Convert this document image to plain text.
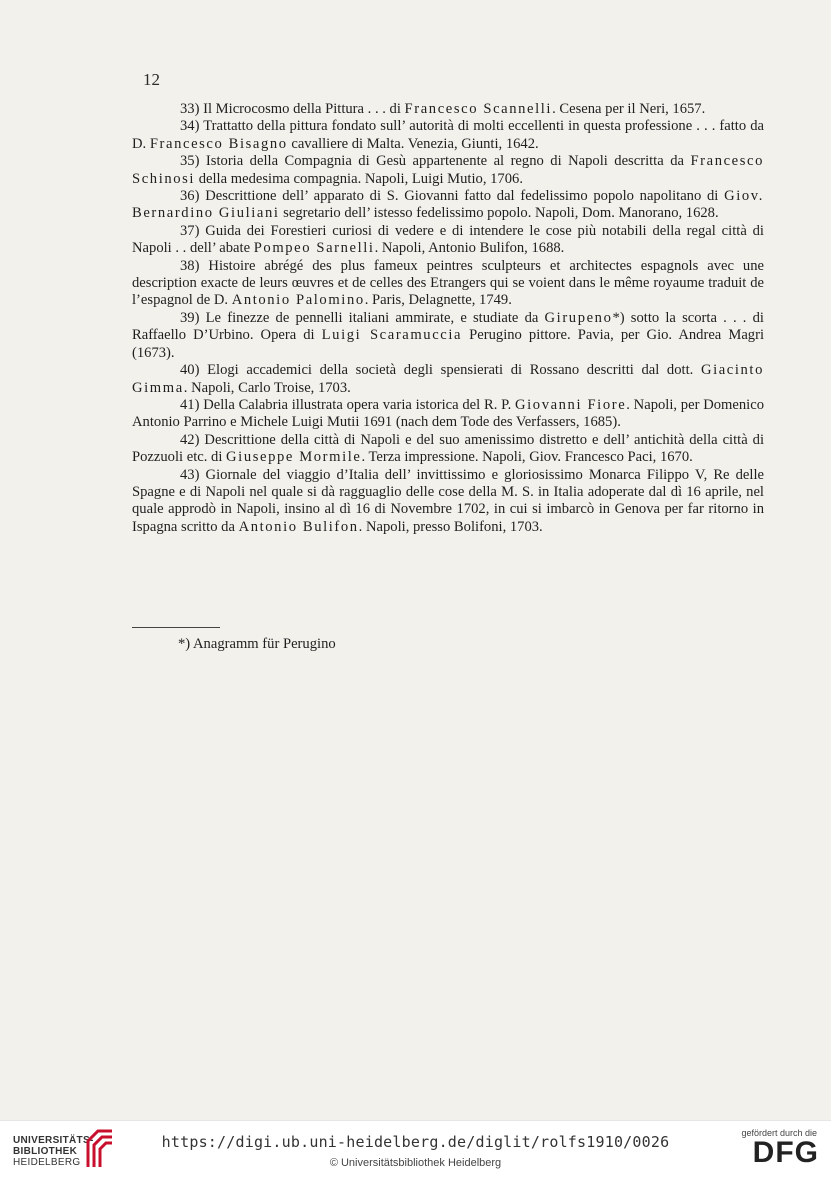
12

33) Il Microcosmo della Pittura . . . di Francesco Scannelli. Cesena per il Neri, 1657.

34) Trattatto della pittura fondato sull’ autorità di molti eccellenti in questa professione . . . fatto da D. Francesco Bisagno cavalliere di Malta. Venezia, Giunti, 1642.

35) Istoria della Compagnia di Gesù appartenente al regno di Napoli descritta da Francesco Schinosi della medesima compagnia. Napoli, Luigi Mutio, 1706.

36) Descrittione dell’ apparato di S. Giovanni fatto dal fedelissimo popolo napolitano di Giov. Bernardino Giuliani segretario dell’ istesso fedelissimo popolo. Napoli, Dom. Manorano, 1628.

37) Guida dei Forestieri curiosi di vedere e di intendere le cose più notabili della regal città di Napoli . . dell’ abate Pompeo Sarnelli. Napoli, Antonio Bulifon, 1688.

38) Histoire abrégé des plus fameux peintres sculpteurs et architectes espagnols avec une description exacte de leurs œuvres et de celles des Etrangers qui se voient dans le même royaume traduit de l’espagnol de D. Antonio Palomino. Paris, Delagnette, 1749.

39) Le finezze de pennelli italiani ammirate, e studiate da Girupeno*) sotto la scorta . . . di Raffaello D’Urbino. Opera di Luigi Scaramuccia Perugino pittore. Pavia, per Gio. Andrea Magri (1673).

40) Elogi accademici della società degli spensierati di Rossano descritti dal dott. Giacinto Gimma. Napoli, Carlo Troise, 1703.

41) Della Calabria illustrata opera varia istorica del R. P. Giovanni Fiore. Napoli, per Domenico Antonio Parrino e Michele Luigi Mutii 1691 (nach dem Tode des Verfassers, 1685).

42) Descrittione della città di Napoli e del suo amenissimo distretto e dell’ antichità della città di Pozzuoli etc. di Giuseppe Mormile. Terza impressione. Napoli, Giov. Francesco Paci, 1670.

43) Giornale del viaggio d’Italia dell’ invittissimo e gloriosissimo Monarca Filippo V, Re delle Spagne e di Napoli nel quale si dà ragguaglio delle cose della M. S. in Italia adoperate dal dì 16 aprile, nel quale approdò in Napoli, insino al dì 16 di Novembre 1702, in cui si imbarcò in Genova per far ritorno in Ispagna scritto da Antonio Bulifon. Napoli, presso Bolifoni, 1703.

*) Anagramm für Perugino
UNIVERSITÄTS-
BIBLIOTHEK
HEIDELBERG
https://digi.ub.uni-heidelberg.de/diglit/rolfs1910/0026
© Universitätsbibliothek Heidelberg
gefördert durch die
DFG
